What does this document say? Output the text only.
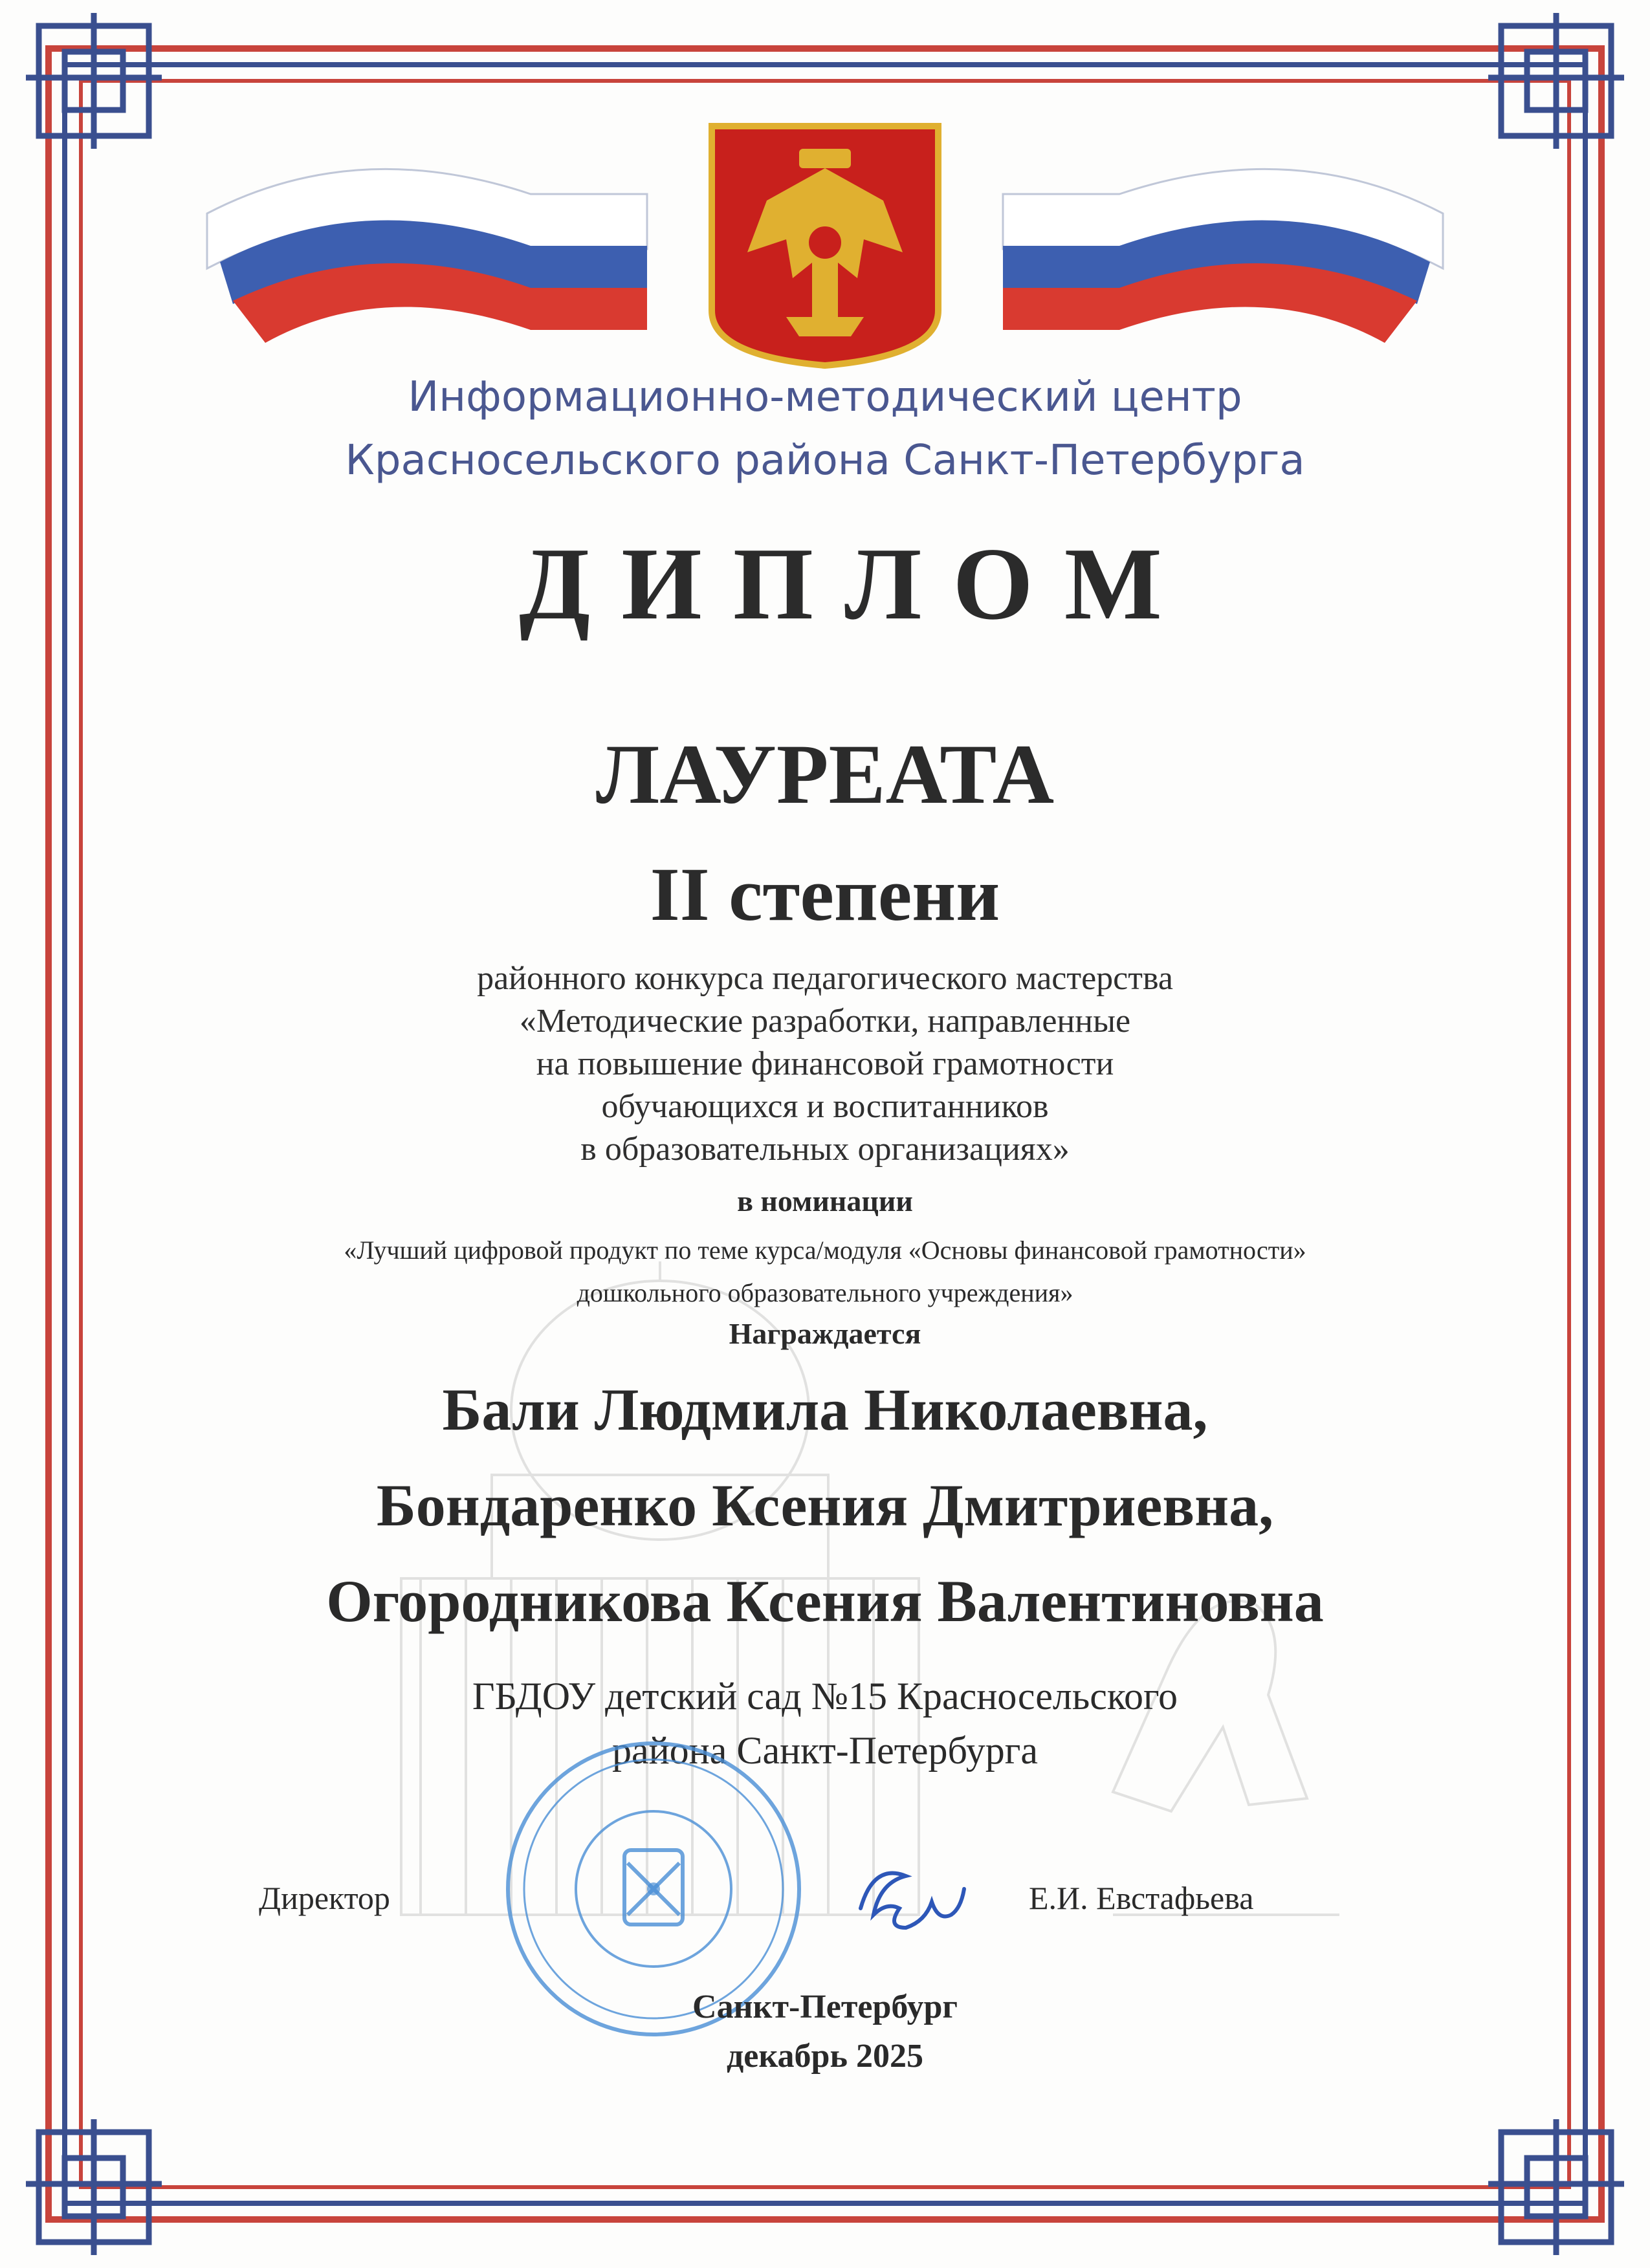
Информационно-методический центр
Красносельского района Санкт-Петербурга
ДИПЛОМ
ЛАУРЕАТА
II степени
районного конкурса педагогического мастерства
«Методические разработки, направленные
на повышение финансовой грамотности
обучающихся и воспитанников
в образовательных организациях»
в номинации
«Лучший цифровой продукт по теме курса/модуля «Основы финансовой грамотности»
дошкольного образовательного учреждения»
Награждается
Бали Людмила Николаевна,
Бондаренко Ксения Дмитриевна,
Огородникова Ксения Валентиновна
ГБДОУ детский сад №15 Красносельского
района Санкт-Петербурга
Директор	Е.И. Евстафьева
Санкт-Петербург
декабрь 2025
